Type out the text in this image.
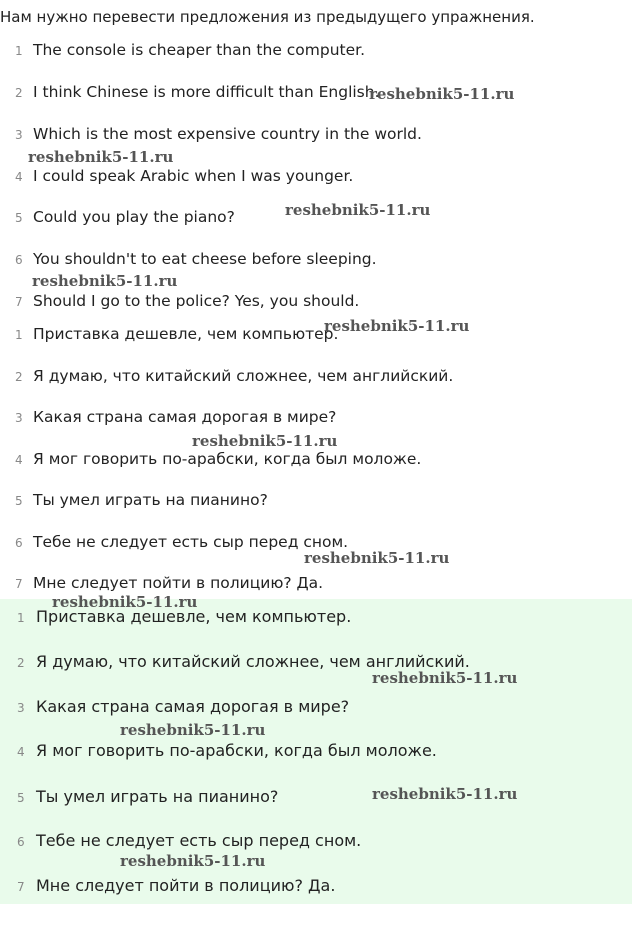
Нам нужно перевести предложения из предыдущего упражнения.
1 The console is cheaper than the computer.
2 I think Chinese is more difficult than English.
3 Which is the most expensive country in the world.
4 I could speak Arabic when I was younger.
5 Could you play the piano?
6 You shouldn't to eat cheese before sleeping.
7 Should I go to the police? Yes, you should.
1 Приставка дешевле, чем компьютер.
2 Я думаю, что китайский сложнее, чем английский.
3 Какая страна самая дорогая в мире?
4 Я мог говорить по-арабски, когда был моложе.
5 Ты умел играть на пианино?
6 Тебе не следует есть сыр перед сном.
7 Мне следует пойти в полицию? Да.
1 Приставка дешевле, чем компьютер.
2 Я думаю, что китайский сложнее, чем английский.
3 Какая страна самая дорогая в мире?
4 Я мог говорить по-арабски, когда был моложе.
5 Ты умел играть на пианино?
6 Тебе не следует есть сыр перед сном.
7 Мне следует пойти в полицию? Да.
reshebnik5-11.ru
reshebnik5-11.ru
reshebnik5-11.ru
reshebnik5-11.ru
reshebnik5-11.ru
reshebnik5-11.ru
reshebnik5-11.ru
reshebnik5-11.ru
reshebnik5-11.ru
reshebnik5-11.ru
reshebnik5-11.ru
reshebnik5-11.ru
